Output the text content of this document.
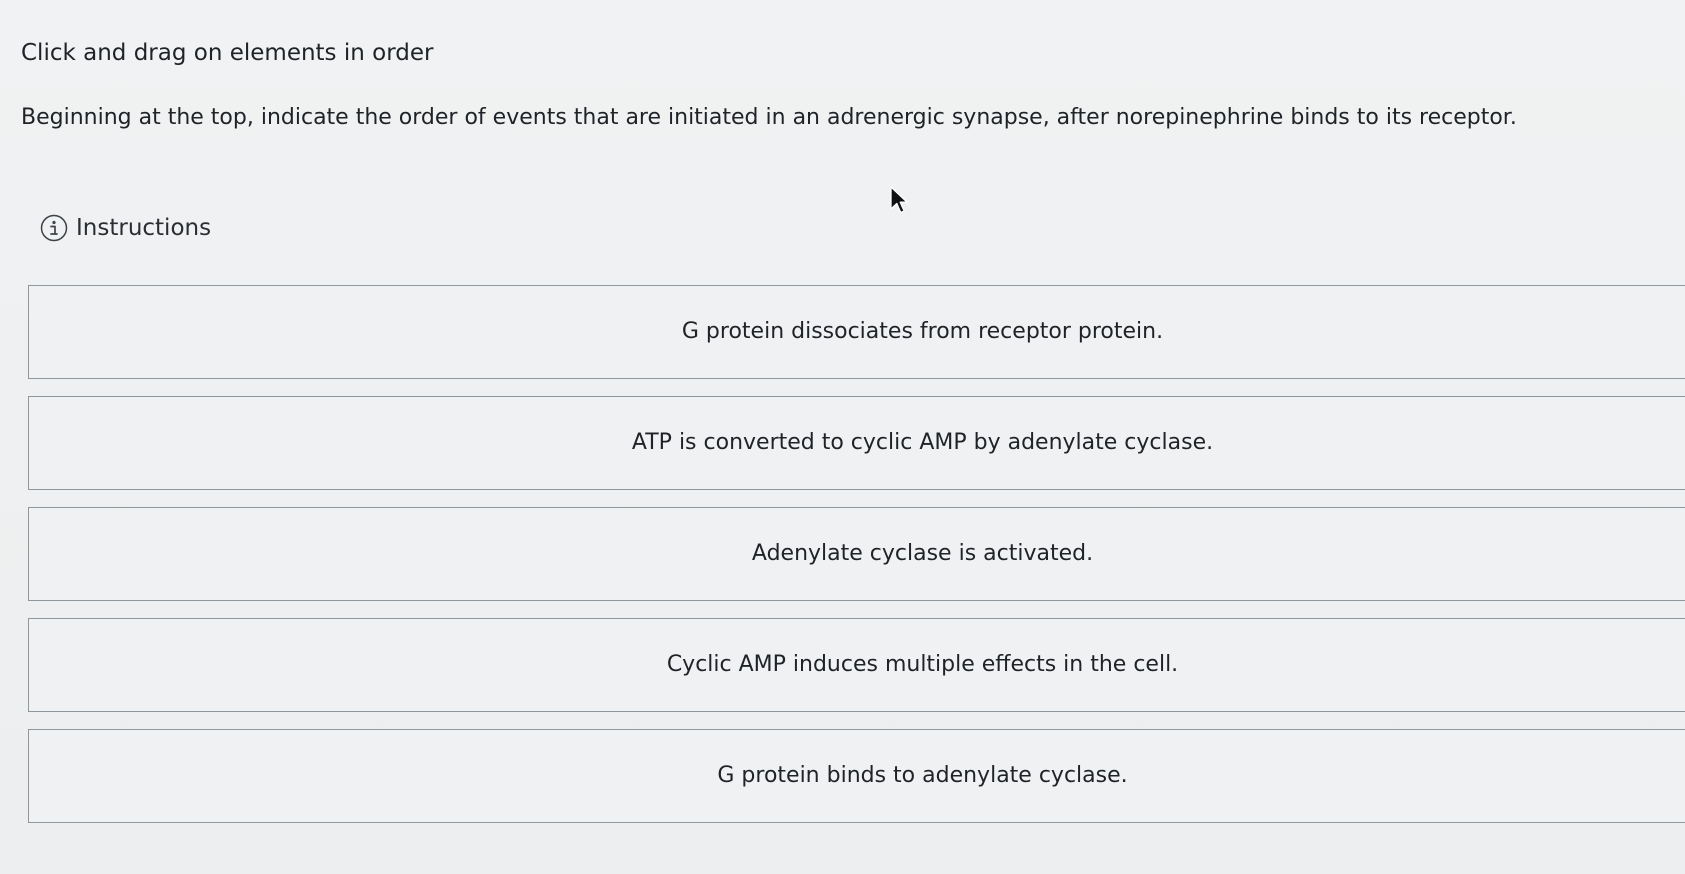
Click and drag on elements in order
Beginning at the top, indicate the order of events that are initiated in an adrenergic synapse, after norepinephrine binds to its receptor.
Instructions
G protein dissociates from receptor protein.
ATP is converted to cyclic AMP by adenylate cyclase.
Adenylate cyclase is activated.
Cyclic AMP induces multiple effects in the cell.
G protein binds to adenylate cyclase.
